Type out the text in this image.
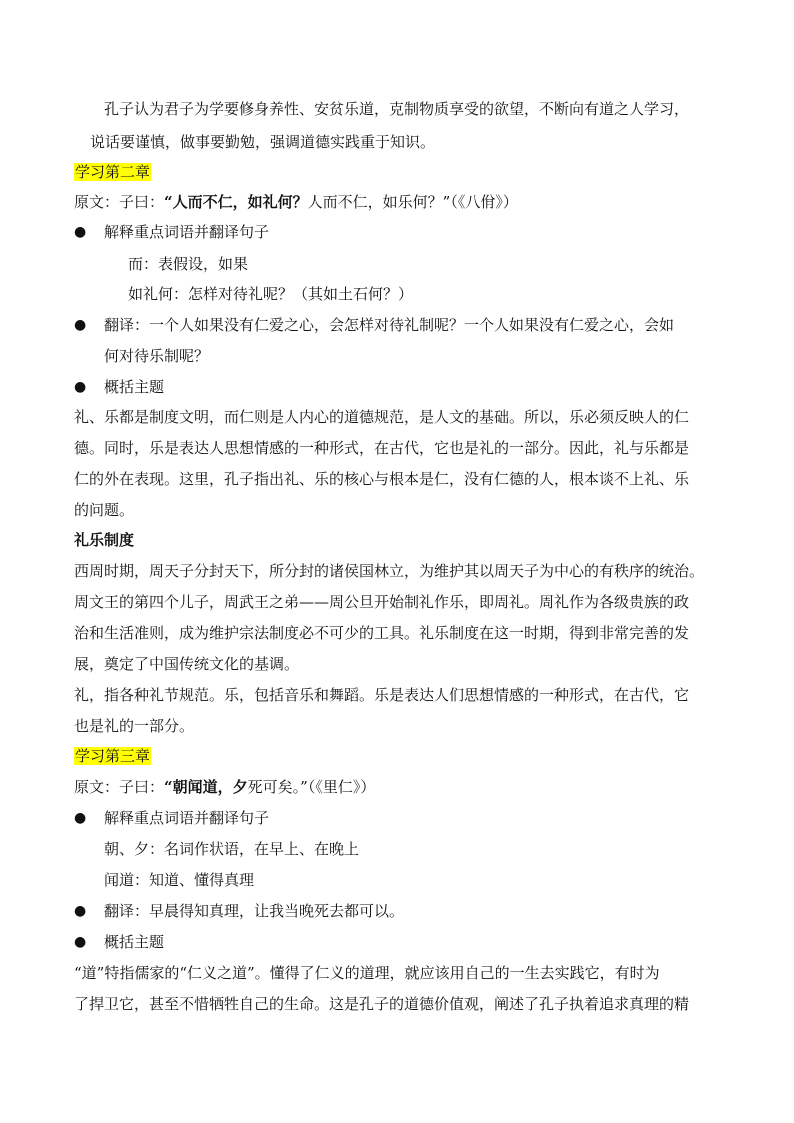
孔子认为君子为学要修身养性、安贫乐道，克制物质享受的欲望，不断向有道之人学习，
说话要谨慎，做事要勤勉，强调道德实践重于知识。
学习第二章
原文：子曰：“人而不仁，如礼何？人而不仁，如乐何？”（《八佾》）
● 解释重点词语并翻译句子
而：表假设，如果
如礼何：怎样对待礼呢？（其如土石何？）
● 翻译：一个人如果没有仁爱之心，会怎样对待礼制呢？一个人如果没有仁爱之心，会如
何对待乐制呢？
● 概括主题
礼、乐都是制度文明，而仁则是人内心的道德规范，是人文的基础。所以，乐必须反映人的仁
德。同时，乐是表达人思想情感的一种形式，在古代，它也是礼的一部分。因此，礼与乐都是
仁的外在表现。这里，孔子指出礼、乐的核心与根本是仁，没有仁德的人，根本谈不上礼、乐
的问题。
礼乐制度
西周时期，周天子分封天下，所分封的诸侯国林立，为维护其以周天子为中心的有秩序的统治。
周文王的第四个儿子，周武王之弟——周公旦开始制礼作乐，即周礼。周礼作为各级贵族的政
治和生活准则，成为维护宗法制度必不可少的工具。礼乐制度在这一时期，得到非常完善的发
展，奠定了中国传统文化的基调。
礼，指各种礼节规范。乐，包括音乐和舞蹈。乐是表达人们思想情感的一种形式，在古代，它
也是礼的一部分。
学习第三章
原文：子曰：“朝闻道，夕死可矣。”（《里仁》）
● 解释重点词语并翻译句子
朝、夕：名词作状语，在早上、在晚上
闻道：知道、懂得真理
● 翻译：早晨得知真理，让我当晚死去都可以。
● 概括主题
“道”特指儒家的“仁义之道”。懂得了仁义的道理，就应该用自己的一生去实践它，有时为
了捍卫它，甚至不惜牺牲自己的生命。这是孔子的道德价值观，阐述了孔子执着追求真理的精
